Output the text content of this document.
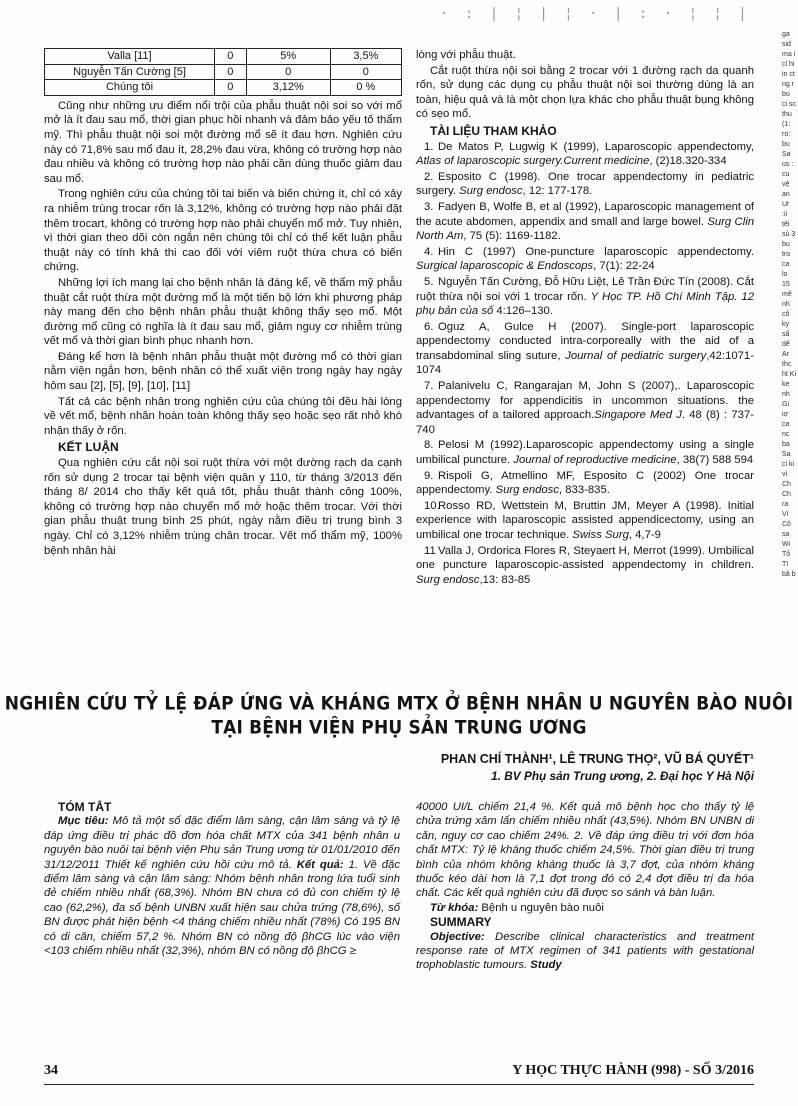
· : | ¦ | ¦ · | : · ¦ ¦ |
Valla [11]	0	5%	3,5%
Nguyễn Tấn Cường [5]	0	0	0
Chúng tôi	0	3,12%	0 %

Cũng như những ưu điểm nổi trội của phẫu thuật nội soi so với mổ mở là ít đau sau mổ, thời gian phục hồi nhanh và đảm bảo yếu tố thẩm mỹ. Thì phẫu thuật nội soi một đường mổ sẽ ít đau hơn. Nghiên cứu này có 71,8% sau mổ đau ít, 28,2% đau vừa, không có trường hợp nào đau nhiều và không có trường hợp nào phải cần dùng thuốc giảm đau sau mổ.

Trong nghiên cứu của chúng tôi tai biến và biến chứng ít, chỉ có xảy ra nhiễm trùng trocar rốn là 3,12%, không có trường hợp nào phải đặt thêm trocart, không có trường hợp nào phải chuyển mổ mở. Tuy nhiên, vì thời gian theo dõi còn ngắn nên chúng tôi chỉ có thể kết luận phẫu thuật này có tính khả thi cao đối với viêm ruột thừa chưa có biến chứng.

Những lợi ích mang lại cho bệnh nhân là đáng kể, về thẩm mỹ phẫu thuật cắt ruột thừa một đường mổ là một tiến bộ lớn khi phương pháp này mang đến cho bệnh nhân phẫu thuật không thấy sẹo mổ. Một đường mổ cũng có nghĩa là ít đau sau mổ, giảm nguy cơ nhiễm trùng vết mổ và thời gian bình phục nhanh hơn.

Đáng kể hơn là bệnh nhân phẫu thuật một đường mổ có thời gian nằm viện ngắn hơn, bệnh nhân có thể xuất viện trong ngày hay ngày hôm sau [2], [5], [9], [10], [11]

Tất cả các bệnh nhân trong nghiên cứu của chúng tôi đều hài lòng về vết mổ, bệnh nhân hoàn toàn không thấy sẹo hoặc sẹo rất nhỏ khó nhận thấy ở rốn.

KẾT LUẬN

Qua nghiên cứu cắt nội soi ruột thừa với một đường rạch da cạnh rốn sử dụng 2 trocar tại bệnh viện quân y 110, từ tháng 3/2013 đến tháng 8/ 2014 cho thấy kết quả tốt, phẫu thuật thành công 100%, không có trường hợp nào chuyển mổ mở hoặc thêm trocar. Với thời gian phẫu thuật trung bình 25 phút, ngày nằm điều trị trung bình 3 ngày. Chỉ có 3,12% nhiễm trùng chân trocar. Vết mổ thẩm mỹ, 100% bệnh nhân hài

lòng với phẫu thuật.

Cắt ruột thừa nội soi bằng 2 trocar với 1 đường rạch da quanh rốn, sử dụng các dụng cụ phẫu thuật nội soi thường dùng là an toàn, hiệu quả và là một chọn lựa khác cho phẫu thuật bụng không có sẹo mổ.

TÀI LIỆU THAM KHẢO

1. De Matos P, Lugwig K (1999), Laparoscopic appendectomy, Atlas of laparoscopic surgery.Current medicine, (2)18.320-334

2. Esposito C (1998). One trocar appendectomy in pediatric surgery. Surg endosc, 12: 177-178.

3. Fadyen B, Wolfe B, et al (1992), Laparoscopic management of the acute abdomen, appendix and small and large bowel. Surg Clin North Am, 75 (5): 1169-1182.

4. Hin C (1997) One-puncture laparoscopic appendectomy. Surgical laparoscopic & Endoscops, 7(1): 22-24

5. Nguyễn Tấn Cường, Đỗ Hữu Liệt, Lê Trần Đức Tín (2008). Cắt ruột thừa nội soi với 1 trocar rốn. Y Học TP. Hồ Chí Minh Tập. 12 phụ bản của số 4:126–130.

6. Oguz A, Gulce H (2007). Single-port laparoscopic appendectomy conducted intra-corporeally with the aid of a transabdominal sling suture, Journal of pediatric surgery,42:1071-1074

7. Palanivelu C, Rangarajan M, John S (2007),. Laparoscopic appendectomy for appendicitis in uncommon situations. the advantages of a tailored approach.Singapore Med J. 48 (8) : 737-740

8. Pelosi M (1992).Laparoscopic appendectomy using a single umbilical puncture. Journal of reproductive medicine, 38(7) 588 594

9. Rispoli G, Atmellino MF, Esposito C (2002) One trocar appendectomy. Surg endosc, 833-835.

10.Rosso RD, Wettstein M, Bruttin JM, Meyer A (1998). Initial experience with laparoscopic assisted appendicectomy, using an umbilical one trocar technique. Swiss Surg, 4,7-9

11 Valla J, Ordorica Flores R, Steyaert H, Merrot (1999). Umbilical one puncture laparoscopic-assisted appendectomy in children. Surg endosc,13: 83-85

NGHIÊN CỨU TỶ LỆ ĐÁP ỨNG VÀ KHÁNG MTX Ở BỆNH NHÂN U NGUYÊN BÀO NUÔI
TẠI BỆNH VIỆN PHỤ SẢN TRUNG ƯƠNG
PHAN CHÍ THÀNH¹, LÊ TRUNG THỌ², VŨ BÁ QUYẾT¹
1. BV Phụ sản Trung ương, 2. Đại học Y Hà Nội
TÓM TẮT
Mục tiêu: Mô tả một số đặc điểm lâm sàng, cận lâm sàng và tỷ lệ đáp ứng điều trị phác đồ đơn hóa chất MTX của 341 bệnh nhân u nguyên bào nuôi tại bệnh viện Phụ sản Trung ương từ 01/01/2010 đến 31/12/2011 Thiết kế nghiên cứu hồi cứu mô tả. Kết quả: 1. Về đặc điểm lâm sàng và cận lâm sàng: Nhóm bệnh nhân trong lứa tuổi sinh đẻ chiếm nhiều nhất (68,3%). Nhóm BN chưa có đủ con chiếm tỷ lệ cao (62,2%), đa số bệnh UNBN xuất hiện sau chửa trứng (78,6%), số BN được phát hiện bệnh <4 tháng chiếm nhiều nhất (78%) Có 195 BN có di căn, chiếm 57,2 %. Nhóm BN có nồng độ βhCG lúc vào viện <103 chiếm nhiều nhất (32,3%), nhóm BN có nồng độ βhCG ≥
40000 UI/L chiếm 21,4 %. Kết quả mô bệnh học cho thấy tỷ lệ chửa trứng xâm lấn chiếm nhiều nhất (43,5%). Nhóm BN UNBN di căn, nguy cơ cao chiếm 24%. 2. Về đáp ứng điều trị với đơn hóa chất MTX: Tỷ lệ kháng thuốc chiếm 24,5%. Thời gian điều trị trung bình của nhóm không kháng thuốc là 3,7 đợt, của nhóm kháng thuốc kéo dài hơn là 7,1 đợt trong đó có 2,4 đợt điều trị đa hóa chất. Các kết quả nghiên cứu đã được so sánh và bàn luận.
Từ khóa: Bệnh u nguyên bào nuôi
SUMMARY
Objective: Describe clinical characteristics and treatment response rate of MTX regimen of 341 patients with gestational trophoblastic tumours. Study
34	Y HỌC THỰC HÀNH (998) - SỐ 3/2016
ga sid ma i cl hi in ct ng r bu ci sc thu (1: ro: bu Sa us : cu vệ an Ur :ii têi sủ 3 bu tro ca lo 15 mê nh cô ky sẩ dể Ar thc ht Ki ke nh Gi iợ ca nc ba Sa ci ki vì Ch Ch ra Ví Cô sa Wi Tổ TI bă b
